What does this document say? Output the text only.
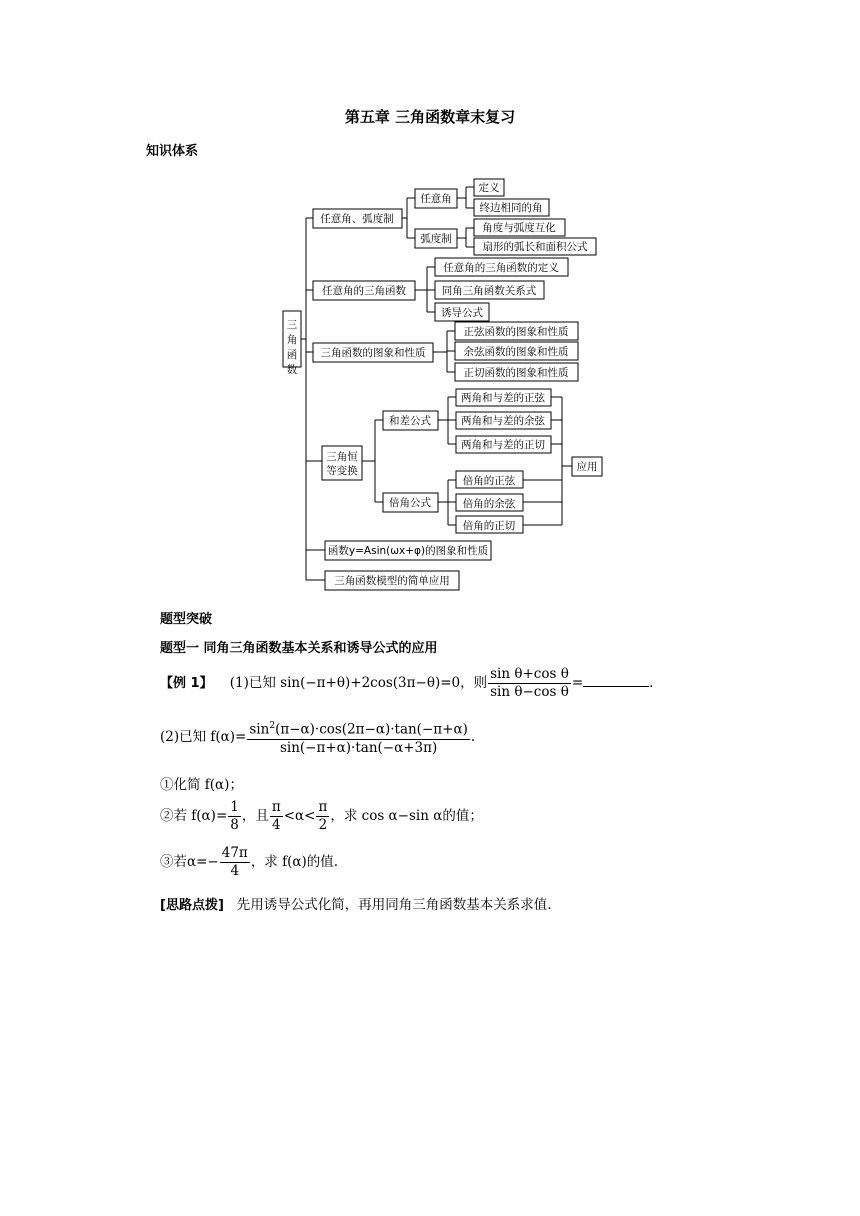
第五章 三角函数章末复习
知识体系
三
角
函
数
任意角、弧度制
任意角
弧度制
定义
终边相同的角
角度与弧度互化
扇形的弧长和面积公式
任意角的三角函数
任意角的三角函数的定义
同角三角函数关系式
诱导公式
三角函数的图象和性质
正弦函数的图象和性质
余弦函数的图象和性质
正切函数的图象和性质
三角恒
等变换
和差公式
倍角公式
两角和与差的正弦
两角和与差的余弦
两角和与差的正切
倍角的正弦
倍角的余弦
倍角的正切
应用
函数y=Asin(ωx+φ)的图象和性质
三角函数模型的简单应用
题型突破
题型一 同角三角函数基本关系和诱导公式的应用
【例 1】 (1)已知 sin(−π+θ)+2cos(3π−θ)=0，则 $\frac{\text{sin θ+cos θ}}{\text{sin θ−cos θ}}$ =	.
(2)已知 $f(\alpha)= \frac{\sin^2(\pi-\alpha)\cdot\cos(2\pi-\alpha)\cdot\tan(-\pi+\alpha)}{\sin(-\pi+\alpha)\cdot\tan(-\alpha+3\pi)}$ .
①化简 f(α)；
②若 $f(\alpha)= \frac{1}{8}$ ，且 $\frac{\pi}{4} <\alpha< \frac{\pi}{2}$ ，求 cos α−sin α的值；
③若$\alpha=- \frac{47\pi}{4}$ ，求 f(α)的值.
[思路点拨] 先用诱导公式化简，再用同角三角函数基本关系求值.
